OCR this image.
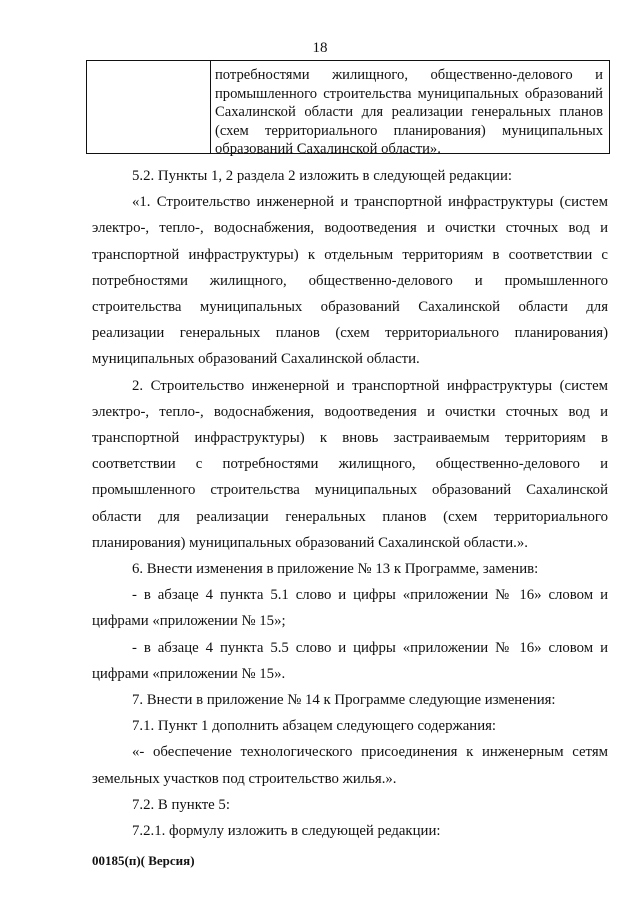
18
потребностями жилищного, общественно-делового и промышленного строительства муниципальных образований Сахалинской области для реализации генеральных планов (схем территориального планирования) муниципальных образований Сахалинской области».

5.2. Пункты 1, 2 раздела 2 изложить в следующей редакции:

«1. Строительство инженерной и транспортной инфраструктуры (систем электро-, тепло-, водоснабжения, водоотведения и очистки сточных вод и транспортной инфраструктуры) к отдельным территориям в соответствии с потребностями жилищного, общественно-делового и промышленного строительства муниципальных образований Сахалинской области для реализации генеральных планов (схем территориального планирования) муниципальных образований Сахалинской области.

2. Строительство инженерной и транспортной инфраструктуры (систем электро-, тепло-, водоснабжения, водоотведения и очистки сточных вод и транспортной инфраструктуры) к вновь застраиваемым территориям в соответствии с потребностями жилищного, общественно-делового и промышленного строительства муниципальных образований Сахалинской области для реализации генеральных планов (схем территориального планирования) муниципальных образований Сахалинской области.».

6. Внести изменения в приложение № 13 к Программе, заменив:

- в абзаце 4 пункта 5.1 слово и цифры «приложении № 16» словом и цифрами «приложении № 15»;

- в абзаце 4 пункта 5.5 слово и цифры «приложении № 16» словом и цифрами «приложении № 15».

7. Внести в приложение № 14 к Программе следующие изменения:

7.1. Пункт 1 дополнить абзацем следующего содержания:

«- обеспечение технологического присоединения к инженерным сетям земельных участков под строительство жилья.».

7.2. В пункте 5:

7.2.1. формулу изложить в следующей редакции:

00185(п)( Версия)
